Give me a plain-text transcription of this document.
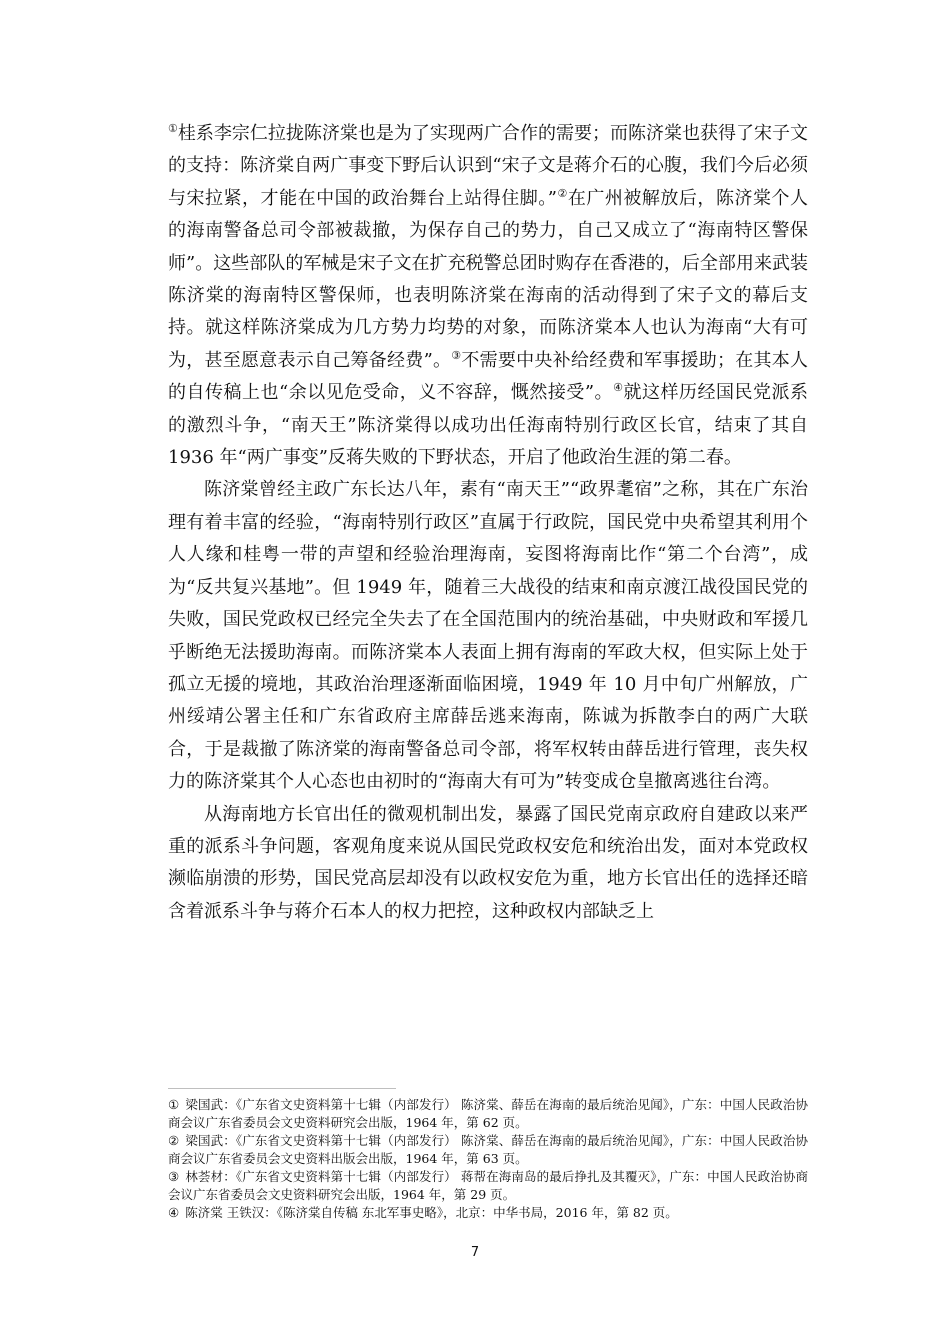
①桂系李宗仁拉拢陈济棠也是为了实现两广合作的需要；而陈济棠也获得了宋子文的支持：陈济棠自两广事变下野后认识到“宋子文是蒋介石的心腹，我们今后必须与宋拉紧，才能在中国的政治舞台上站得住脚。”②在广州被解放后，陈济棠个人的海南警备总司令部被裁撤，为保存自己的势力，自己又成立了“海南特区警保师”。这些部队的军械是宋子文在扩充税警总团时购存在香港的，后全部用来武装陈济棠的海南特区警保师，也表明陈济棠在海南的活动得到了宋子文的幕后支持。就这样陈济棠成为几方势力均势的对象，而陈济棠本人也认为海南“大有可为，甚至愿意表示自己筹备经费”。③不需要中央补给经费和军事援助；在其本人的自传稿上也“余以见危受命，义不容辞，慨然接受”。④就这样历经国民党派系的激烈斗争，“南天王”陈济棠得以成功出任海南特别行政区长官，结束了其自 1936 年“两广事变”反蒋失败的下野状态，开启了他政治生涯的第二春。

陈济棠曾经主政广东长达八年，素有“南天王”“政界耄宿”之称，其在广东治理有着丰富的经验，“海南特别行政区”直属于行政院，国民党中央希望其利用个人人缘和桂粤一带的声望和经验治理海南，妄图将海南比作“第二个台湾”，成为“反共复兴基地”。但 1949 年，随着三大战役的结束和南京渡江战役国民党的失败，国民党政权已经完全失去了在全国范围内的统治基础，中央财政和军援几乎断绝无法援助海南。而陈济棠本人表面上拥有海南的军政大权，但实际上处于孤立无援的境地，其政治治理逐渐面临困境，1949 年 10 月中旬广州解放，广州绥靖公署主任和广东省政府主席薛岳逃来海南，陈诚为拆散李白的两广大联合，于是裁撤了陈济棠的海南警备总司令部，将军权转由薛岳进行管理，丧失权力的陈济棠其个人心态也由初时的“海南大有可为”转变成仓皇撤离逃往台湾。

从海南地方长官出任的微观机制出发，暴露了国民党南京政府自建政以来严重的派系斗争问题，客观角度来说从国民党政权安危和统治出发，面对本党政权濒临崩溃的形势，国民党高层却没有以政权安危为重，地方长官出任的选择还暗含着派系斗争与蒋介石本人的权力把控，这种政权内部缺乏上

① 梁国武：《广东省文史资料第十七辑（内部发行） 陈济棠、薛岳在海南的最后统治见闻》，广东：中国人民政治协商会议广东省委员会文史资料研究会出版，1964 年，第 62 页。

② 梁国武：《广东省文史资料第十七辑（内部发行） 陈济棠、薛岳在海南的最后统治见闻》，广东：中国人民政治协商会议广东省委员会文史资料出版会出版，1964 年，第 63 页。

③ 林荟材：《广东省文史资料第十七辑（内部发行） 蒋帮在海南岛的最后挣扎及其覆灭》，广东：中国人民政治协商会议广东省委员会文史资料研究会出版，1964 年，第 29 页。

④ 陈济棠 王铁汉：《陈济棠自传稿 东北军事史略》，北京：中华书局，2016 年，第 82 页。

7
